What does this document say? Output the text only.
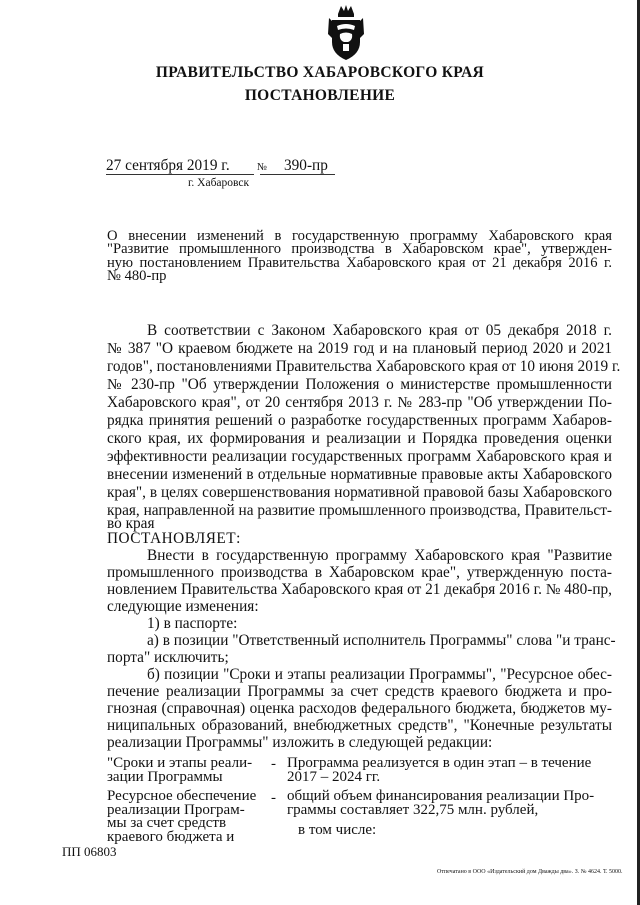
ПРАВИТЕЛЬСТВО ХАБАРОВСКОГО КРАЯ
ПОСТАНОВЛЕНИЕ
27 сентября 2019 г.	№ 390-пр
г. Хабаровск
О внесении изменений в государственную программу Хабаровского края
"Развитие промышленного производства в Хабаровском крае", утвержден-
ную постановлением Правительства Хабаровского края от 21 декабря 2016 г.
№ 480-пр
В соответствии с Законом Хабаровского края от 05 декабря 2018 г.
№ 387 "О краевом бюджете на 2019 год и на плановый период 2020 и 2021
годов", постановлениями Правительства Хабаровского края от 10 июня 2019 г.
№ 230-пр "Об утверждении Положения о министерстве промышленности
Хабаровского края", от 20 сентября 2013 г. № 283-пр "Об утверждении По-
рядка принятия решений о разработке государственных программ Хабаров-
ского края, их формирования и реализации и Порядка проведения оценки
эффективности реализации государственных программ Хабаровского края и
внесении изменений в отдельные нормативные правовые акты Хабаровского
края", в целях совершенствования нормативной правовой базы Хабаровского
края, направленной на развитие промышленного производства, Правительст-
во края
ПОСТАНОВЛЯЕТ:
Внести в государственную программу Хабаровского края "Развитие
промышленного производства в Хабаровском крае", утвержденную поста-
новлением Правительства Хабаровского края от 21 декабря 2016 г. № 480-пр,
следующие изменения:
1) в паспорте:
а) в позиции "Ответственный исполнитель Программы" слова "и транс-
порта" исключить;
б) позиции "Сроки и этапы реализации Программы", "Ресурсное обес-
печение реализации Программы за счет средств краевого бюджета и про-
гнозная (справочная) оценка расходов федерального бюджета, бюджетов му-
ниципальных образований, внебюджетных средств", "Конечные результаты
реализации Программы" изложить в следующей редакции:
"Сроки и этапы реали-
зации Программы
- Программа реализуется в один этап – в течение
2017 – 2024 гг.
Ресурсное обеспечение
реализации Програм-
мы за счет средств
краевого бюджета и
- общий объем финансирования реализации Про-
граммы составляет 322,75 млн. рублей,
в том числе:
ПП 06803
Отпечатано в ООО «Издательский дом Дважды два». З. № 4624. Т. 5000.
